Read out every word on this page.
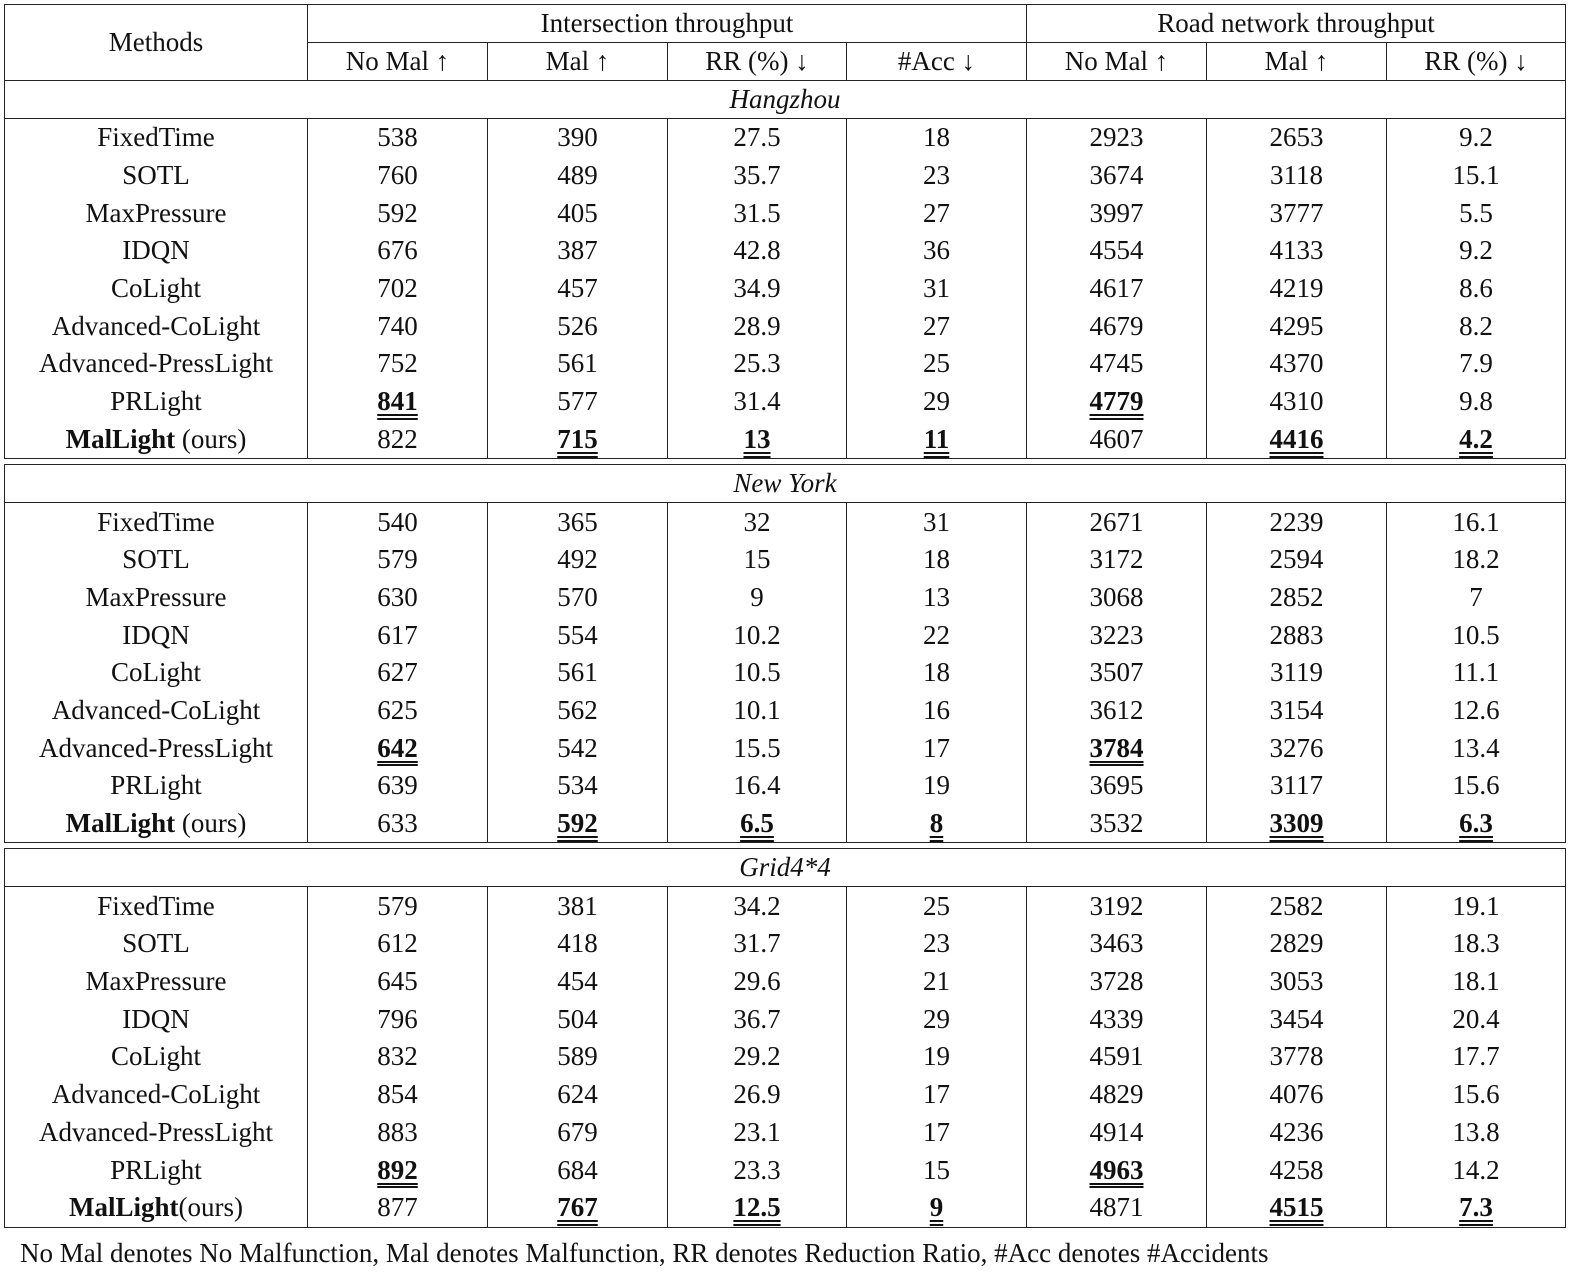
Methods	Intersection throughput				Road network throughput		
	No Mal ↑	Mal ↑	RR (%) ↓	#Acc ↓	No Mal ↑	Mal ↑	RR (%) ↓
Hangzhou							
FixedTime	538	390	27.5	18	2923	2653	9.2
SOTL	760	489	35.7	23	3674	3118	15.1
MaxPressure	592	405	31.5	27	3997	3777	5.5
IDQN	676	387	42.8	36	4554	4133	9.2
CoLight	702	457	34.9	31	4617	4219	8.6
Advanced-CoLight	740	526	28.9	27	4679	4295	8.2
Advanced-PressLight	752	561	25.3	25	4745	4370	7.9
PRLight	841	577	31.4	29	4779	4310	9.8
MalLight (ours)	822	715	13	11	4607	4416	4.2

New York							
FixedTime	540	365	32	31	2671	2239	16.1
SOTL	579	492	15	18	3172	2594	18.2
MaxPressure	630	570	9	13	3068	2852	7
IDQN	617	554	10.2	22	3223	2883	10.5
CoLight	627	561	10.5	18	3507	3119	11.1
Advanced-CoLight	625	562	10.1	16	3612	3154	12.6
Advanced-PressLight	642	542	15.5	17	3784	3276	13.4
PRLight	639	534	16.4	19	3695	3117	15.6
MalLight (ours)	633	592	6.5	8	3532	3309	6.3

Grid4*4							
FixedTime	579	381	34.2	25	3192	2582	19.1
SOTL	612	418	31.7	23	3463	2829	18.3
MaxPressure	645	454	29.6	21	3728	3053	18.1
IDQN	796	504	36.7	29	4339	3454	20.4
CoLight	832	589	29.2	19	4591	3778	17.7
Advanced-CoLight	854	624	26.9	17	4829	4076	15.6
Advanced-PressLight	883	679	23.1	17	4914	4236	13.8
PRLight	892	684	23.3	15	4963	4258	14.2
MalLight(ours)	877	767	12.5	9	4871	4515	7.3
No Mal denotes No Malfunction, Mal denotes Malfunction, RR denotes Reduction Ratio, #Acc denotes #Accidents
